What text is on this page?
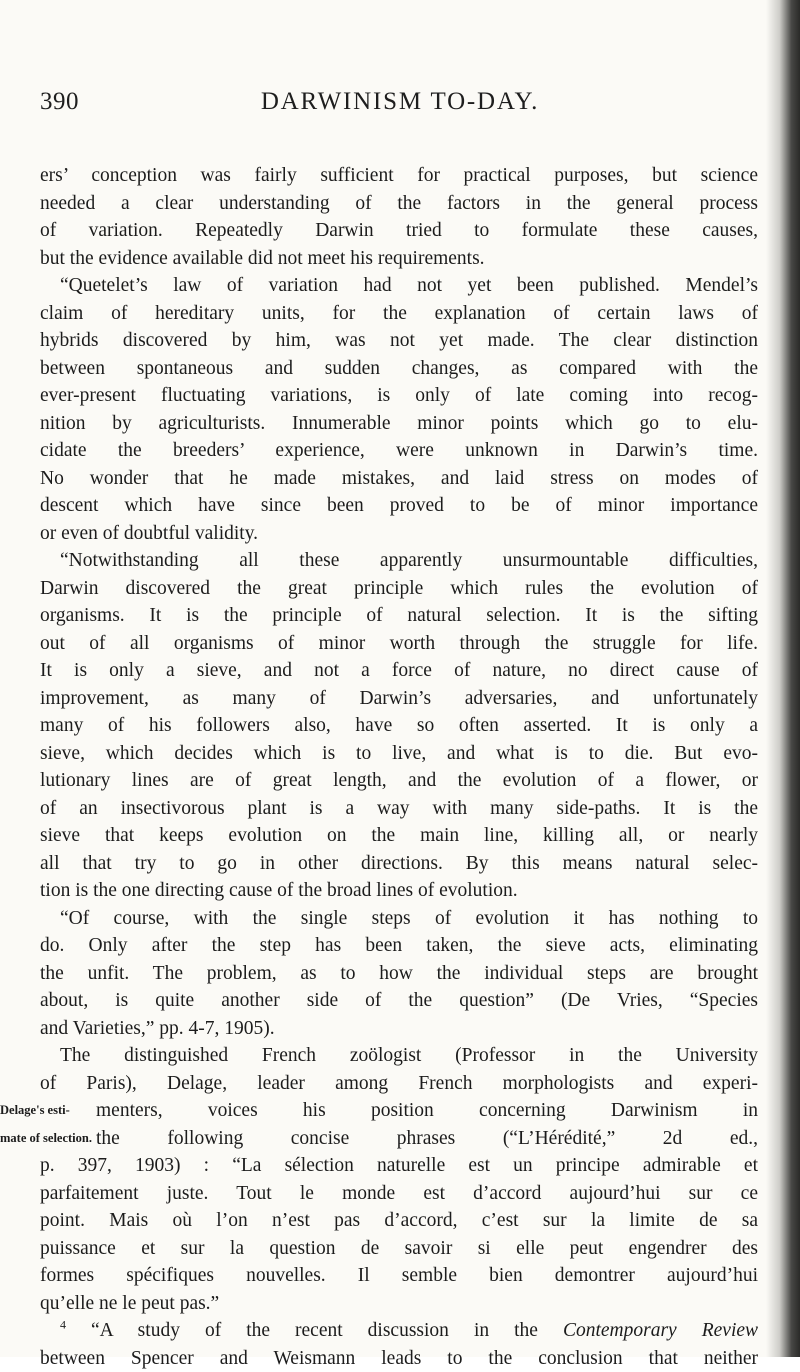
390	DARWINISM TO-DAY.
ers’ conception was fairly sufficient for practical purposes, but science
needed a clear understanding of the factors in the general process
of variation. Repeatedly Darwin tried to formulate these causes,
but the evidence available did not meet his requirements.
“Quetelet’s law of variation had not yet been published. Mendel’s
claim of hereditary units, for the explanation of certain laws of
hybrids discovered by him, was not yet made. The clear distinction
between spontaneous and sudden changes, as compared with the
ever-present fluctuating variations, is only of late coming into recog-
nition by agriculturists. Innumerable minor points which go to elu-
cidate the breeders’ experience, were unknown in Darwin’s time.
No wonder that he made mistakes, and laid stress on modes of
descent which have since been proved to be of minor importance
or even of doubtful validity.
“Notwithstanding all these apparently unsurmountable difficulties,
Darwin discovered the great principle which rules the evolution of
organisms. It is the principle of natural selection. It is the sifting
out of all organisms of minor worth through the struggle for life.
It is only a sieve, and not a force of nature, no direct cause of
improvement, as many of Darwin’s adversaries, and unfortunately
many of his followers also, have so often asserted. It is only a
sieve, which decides which is to live, and what is to die. But evo-
lutionary lines are of great length, and the evolution of a flower, or
of an insectivorous plant is a way with many side-paths. It is the
sieve that keeps evolution on the main line, killing all, or nearly
all that try to go in other directions. By this means natural selec-
tion is the one directing cause of the broad lines of evolution.
“Of course, with the single steps of evolution it has nothing to
do. Only after the step has been taken, the sieve acts, eliminating
the unfit. The problem, as to how the individual steps are brought
about, is quite another side of the question” (De Vries, “Species
and Varieties,” pp. 4-7, 1905).
The distinguished French zoölogist (Professor in the University
of Paris), Delage, leader among French morphologists and experi-
Delage's esti-	menters, voices his position concerning Darwinism in
mate of selection. the following concise phrases (“L’Hérédité,” 2d ed.,
p. 397, 1903) : “La sélection naturelle est un principe admirable et
parfaitement juste. Tout le monde est d’accord aujourd’hui sur ce
point. Mais où l’on n’est pas d’accord, c’est sur la limite de sa
puissance et sur la question de savoir si elle peut engendrer des
formes spécifiques nouvelles. Il semble bien demontrer aujourd’hui
qu’elle ne le peut pas.”
$^4$ “A study of the recent discussion in the Contemporary Review
between Spencer and Weismann leads to the conclusion that neither
